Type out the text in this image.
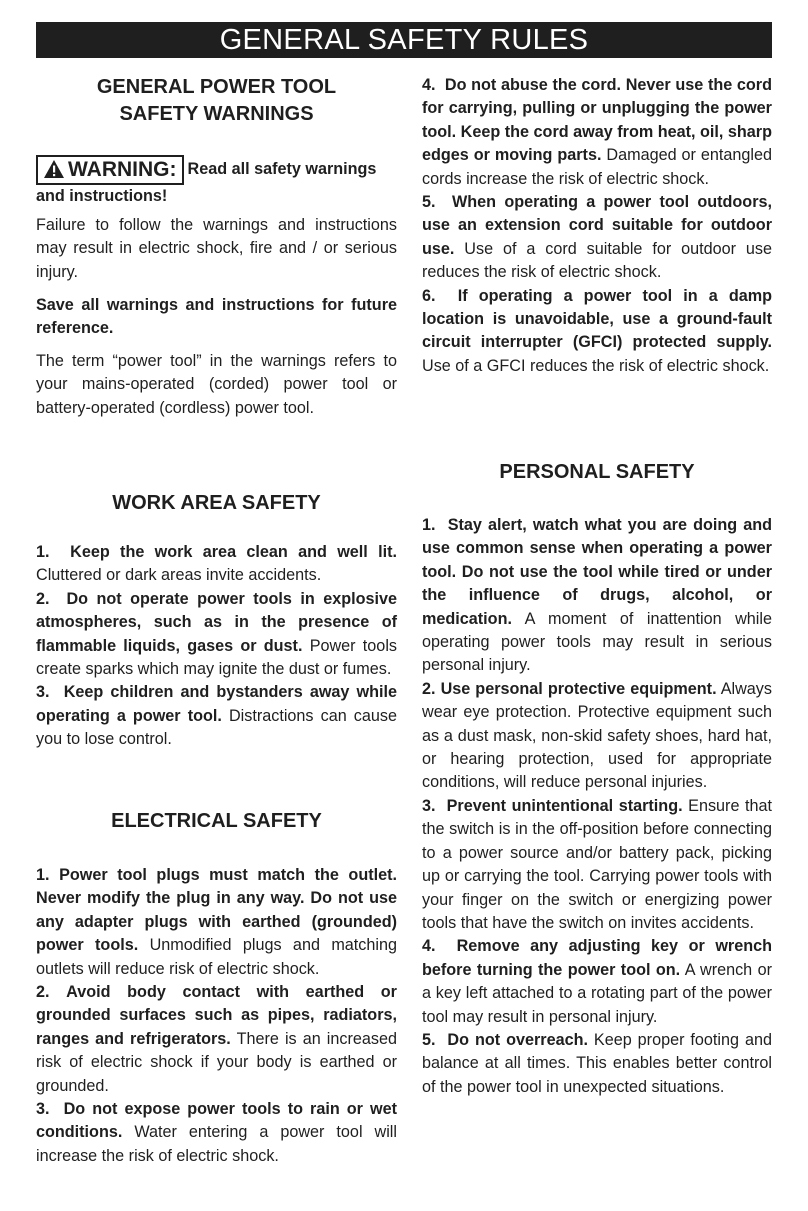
GENERAL SAFETY RULES
GENERAL POWER TOOL
SAFETY WARNINGS
WARNING: Read all safety warnings and instructions!
Failure to follow the warnings and instructions may result in electric shock, fire and / or serious injury.
Save all warnings and instructions for future reference.
The term “power tool” in the warnings refers to your mains-operated (corded) power tool or battery-operated (cordless) power tool.
WORK AREA SAFETY

1. Keep the work area clean and well lit. Cluttered or dark areas invite accidents.

2. Do not operate power tools in explosive atmospheres, such as in the presence of flammable liquids, gases or dust. Power tools create sparks which may ignite the dust or fumes.

3. Keep children and bystanders away while operating a power tool. Distractions can cause you to lose control.

ELECTRICAL SAFETY

1. Power tool plugs must match the outlet. Never modify the plug in any way. Do not use any adapter plugs with earthed (grounded) power tools. Unmodified plugs and matching outlets will reduce risk of electric shock.

2. Avoid body contact with earthed or grounded surfaces such as pipes, radiators, ranges and refrigerators. There is an increased risk of electric shock if your body is earthed or grounded.

3. Do not expose power tools to rain or wet conditions. Water entering a power tool will increase the risk of electric shock.

4. Do not abuse the cord. Never use the cord for carrying, pulling or unplugging the power tool. Keep the cord away from heat, oil, sharp edges or moving parts. Damaged or entangled cords increase the risk of electric shock.

5. When operating a power tool outdoors, use an extension cord suitable for outdoor use. Use of a cord suitable for outdoor use reduces the risk of electric shock.

6. If operating a power tool in a damp location is unavoidable, use a ground-fault circuit interrupter (GFCI) protected supply. Use of a GFCI reduces the risk of electric shock.

PERSONAL SAFETY

1. Stay alert, watch what you are doing and use common sense when operating a power tool. Do not use the tool while tired or under the influence of drugs, alcohol, or medication. A moment of inattention while operating power tools may result in serious personal injury.

2. Use personal protective equipment. Always wear eye protection. Protective equipment such as a dust mask, non-skid safety shoes, hard hat, or hearing protection, used for appropriate conditions, will reduce personal injuries.

3. Prevent unintentional starting. Ensure that the switch is in the off-position before connecting to a power source and/or battery pack, picking up or carrying the tool. Carrying power tools with your finger on the switch or energizing power tools that have the switch on invites accidents.

4. Remove any adjusting key or wrench before turning the power tool on. A wrench or a key left attached to a rotating part of the power tool may result in personal injury.

5. Do not overreach. Keep proper footing and balance at all times. This enables better control of the power tool in unexpected situations.
